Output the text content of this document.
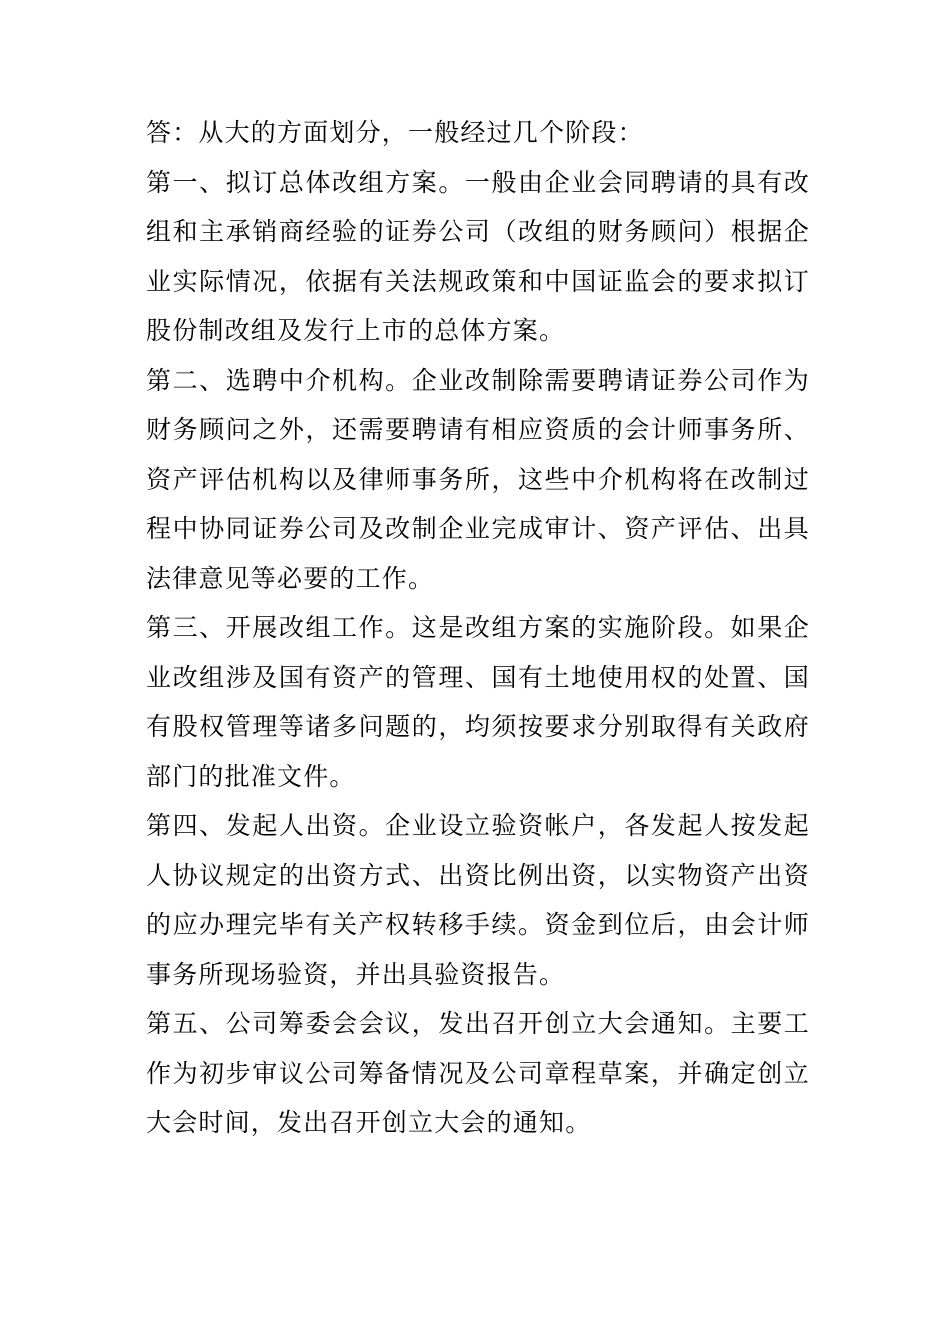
答：从大的方面划分，一般经过几个阶段：

第一、拟订总体改组方案。一般由企业会同聘请的具有改组和主承销商经验的证券公司（改组的财务顾问）根据企业实际情况，依据有关法规政策和中国证监会的要求拟订股份制改组及发行上市的总体方案。

第二、选聘中介机构。企业改制除需要聘请证券公司作为财务顾问之外，还需要聘请有相应资质的会计师事务所、资产评估机构以及律师事务所，这些中介机构将在改制过程中协同证券公司及改制企业完成审计、资产评估、出具法律意见等必要的工作。

第三、开展改组工作。这是改组方案的实施阶段。如果企业改组涉及国有资产的管理、国有土地使用权的处置、国有股权管理等诸多问题的，均须按要求分别取得有关政府部门的批准文件。

第四、发起人出资。企业设立验资帐户，各发起人按发起人协议规定的出资方式、出资比例出资，以实物资产出资的应办理完毕有关产权转移手续。资金到位后，由会计师事务所现场验资，并出具验资报告。

第五、公司筹委会会议，发出召开创立大会通知。主要工作为初步审议公司筹备情况及公司章程草案，并确定创立大会时间，发出召开创立大会的通知。
